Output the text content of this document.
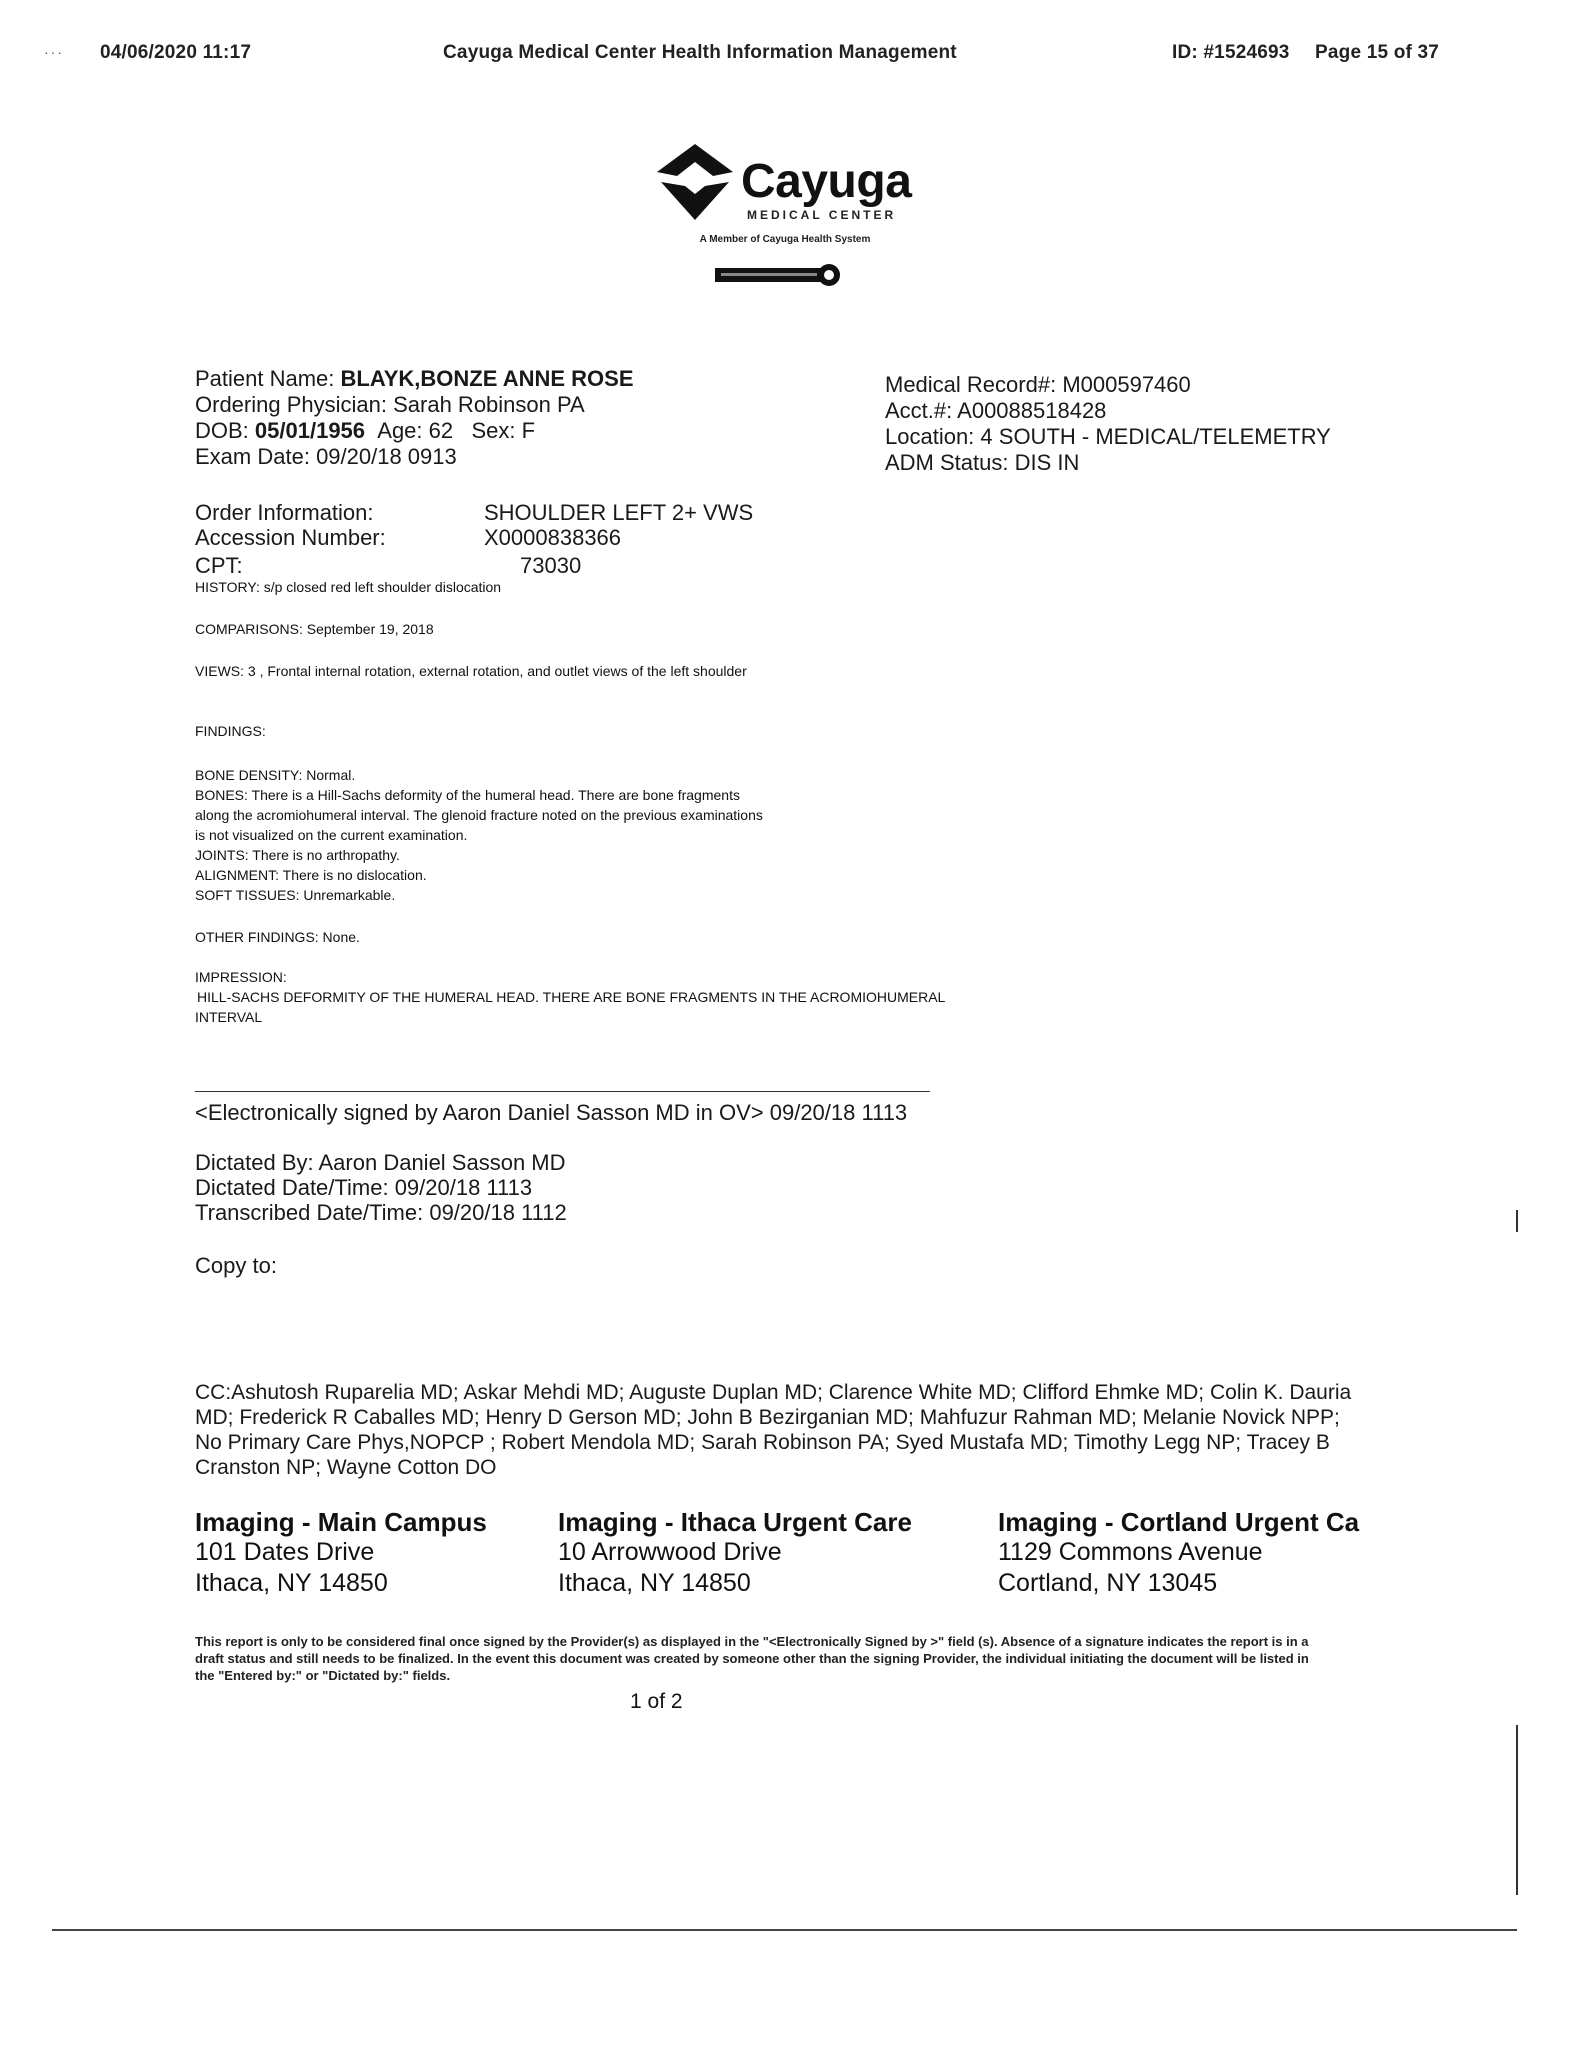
··· 04/06/2020 11:17	Cayuga Medical Center Health Information Management	ID: #1524693 Page 15 of 37
Cayuga
MEDICAL CENTER
A Member of Cayuga Health System
Patient Name: BLAYK,BONZE ANNE ROSE
Ordering Physician: Sarah Robinson PA
DOB: 05/01/1956 Age: 62 Sex: F
Exam Date: 09/20/18 0913
Medical Record#: M000597460
Acct.#: A00088518428
Location: 4 SOUTH - MEDICAL/TELEMETRY
ADM Status: DIS IN
Order Information:	SHOULDER LEFT 2+ VWS
Accession Number:	X0000838366
CPT:	73030
HISTORY: s/p closed red left shoulder dislocation
COMPARISONS: September 19, 2018
VIEWS: 3 , Frontal internal rotation, external rotation, and outlet views of the left shoulder
FINDINGS:
BONE DENSITY: Normal.
BONES: There is a Hill-Sachs deformity of the humeral head. There are bone fragments
along the acromiohumeral interval. The glenoid fracture noted on the previous examinations
is not visualized on the current examination.
JOINTS: There is no arthropathy.
ALIGNMENT: There is no dislocation.
SOFT TISSUES: Unremarkable.
OTHER FINDINGS: None.
IMPRESSION:
HILL-SACHS DEFORMITY OF THE HUMERAL HEAD. THERE ARE BONE FRAGMENTS IN THE ACROMIOHUMERAL
INTERVAL
<Electronically signed by Aaron Daniel Sasson MD in OV> 09/20/18 1113
Dictated By: Aaron Daniel Sasson MD
Dictated Date/Time: 09/20/18 1113
Transcribed Date/Time: 09/20/18 1112
Copy to:
CC:Ashutosh Ruparelia MD; Askar Mehdi MD; Auguste Duplan MD; Clarence White MD; Clifford Ehmke MD; Colin K. Dauria MD; Frederick R Caballes MD; Henry D Gerson MD; John B Bezirganian MD; Mahfuzur Rahman MD; Melanie Novick NPP; No Primary Care Phys,NOPCP ; Robert Mendola MD; Sarah Robinson PA; Syed Mustafa MD; Timothy Legg NP; Tracey B Cranston NP; Wayne Cotton DO
Imaging - Main Campus
101 Dates Drive
Ithaca, NY 14850
Imaging - Ithaca Urgent Care
10 Arrowwood Drive
Ithaca, NY 14850
Imaging - Cortland Urgent Ca
1129 Commons Avenue
Cortland, NY 13045
This report is only to be considered final once signed by the Provider(s) as displayed in the "<Electronically Signed by >" field (s). Absence of a signature indicates the report is in a draft status and still needs to be finalized. In the event this document was created by someone other than the signing Provider, the individual initiating the document will be listed in the "Entered by:" or "Dictated by:" fields.
1 of 2
